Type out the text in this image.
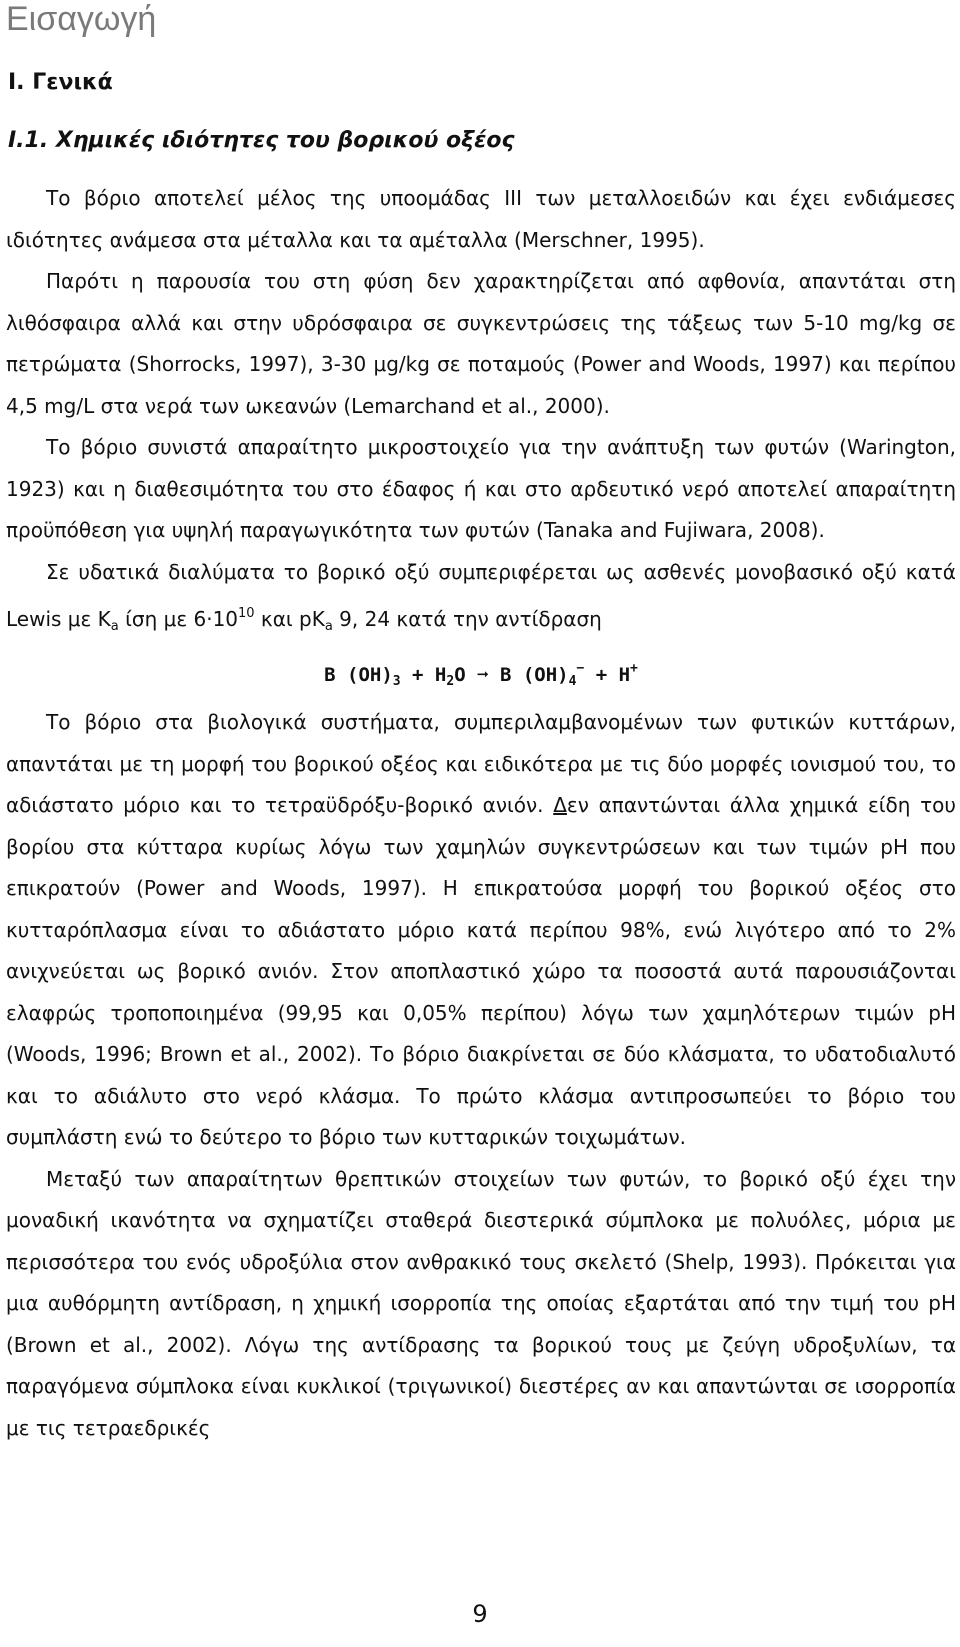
Εισαγωγή
I. Γενικά
I.1. Χημικές ιδιότητες του βορικού οξέος

Το βόριο αποτελεί μέλος της υποομάδας III των μεταλλοειδών και έχει ενδιάμεσες ιδιότητες ανάμεσα στα μέταλλα και τα αμέταλλα (Merschner, 1995).

Παρότι η παρουσία του στη φύση δεν χαρακτηρίζεται από αφθονία, απαντάται στη λιθόσφαιρα αλλά και στην υδρόσφαιρα σε συγκεντρώσεις της τάξεως των 5-10 mg/kg σε πετρώματα (Shorrocks, 1997), 3-30 μg/kg σε ποταμούς (Power and Woods, 1997) και περίπου 4,5 mg/L στα νερά των ωκεανών (Lemarchand et al., 2000).

Το βόριο συνιστά απαραίτητο μικροστοιχείο για την ανάπτυξη των φυτών (Warington, 1923) και η διαθεσιμότητα του στο έδαφος ή και στο αρδευτικό νερό αποτελεί απαραίτητη προϋπόθεση για υψηλή παραγωγικότητα των φυτών (Tanaka and Fujiwara, 2008).

Σε υδατικά διαλύματα το βορικό οξύ συμπεριφέρεται ως ασθενές μονοβασικό οξύ κατά Lewis με $K_a$ ίση με $6\cdot 10^{10}$ και $pK_a$ 9, 24 κατά την αντίδραση

B $(OH)_3 + H_2O$ ➞ B $(OH)_4^- + H^+$

Το βόριο στα βιολογικά συστήματα, συμπεριλαμβανομένων των φυτικών κυττάρων, απαντάται με τη μορφή του βορικού οξέος και ειδικότερα με τις δύο μορφές ιονισμού του, το αδιάστατο μόριο και το τετραϋδρόξυ-βορικό ανιόν. Δεν απαντώνται άλλα χημικά είδη του βορίου στα κύτταρα κυρίως λόγω των χαμηλών συγκεντρώσεων και των τιμών pH που επικρατούν (Power and Woods, 1997). Η επικρατούσα μορφή του βορικού οξέος στο κυτταρόπλασμα είναι το αδιάστατο μόριο κατά περίπου 98%, ενώ λιγότερο από το 2% ανιχνεύεται ως βορικό ανιόν. Στον αποπλαστικό χώρο τα ποσοστά αυτά παρουσιάζονται ελαφρώς τροποποιημένα (99,95 και 0,05% περίπου) λόγω των χαμηλότερων τιμών pH (Woods, 1996; Brown et al., 2002). Το βόριο διακρίνεται σε δύο κλάσματα, το υδατοδιαλυτό και το αδιάλυτο στο νερό κλάσμα. Το πρώτο κλάσμα αντιπροσωπεύει το βόριο του συμπλάστη ενώ το δεύτερο το βόριο των κυτταρικών τοιχωμάτων.

Μεταξύ των απαραίτητων θρεπτικών στοιχείων των φυτών, το βορικό οξύ έχει την μοναδική ικανότητα να σχηματίζει σταθερά διεστερικά σύμπλοκα με πολυόλες, μόρια με περισσότερα του ενός υδροξύλια στον ανθρακικό τους σκελετό (Shelp, 1993). Πρόκειται για μια αυθόρμητη αντίδραση, η χημική ισορροπία της οποίας εξαρτάται από την τιμή του pH (Brown et al., 2002). Λόγω της αντίδρασης τα βορικού τους με ζεύγη υδροξυλίων, τα παραγόμενα σύμπλοκα είναι κυκλικοί (τριγωνικοί) διεστέρες αν και απαντώνται σε ισορροπία με τις τετραεδρικές

9
